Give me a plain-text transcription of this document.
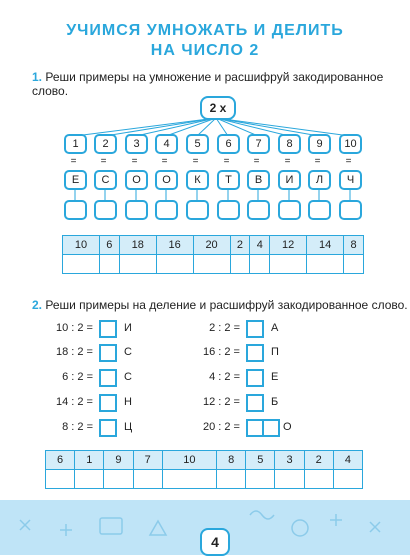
УЧИМСЯ УМНОЖАТЬ И ДЕЛИТЬ
НА ЧИСЛО 2
1. Реши примеры на умножение и расшифруй закодированное слово.
2 х
1	2	3	4	5	6	7	8	9	10
=	=	=	=	=	=	=	=	=	=
Е	С	О	О	К	Т	В	И	Л	Ч
10	6	18	16	20	2	4	12	14	8

2. Реши примеры на деление и расшифруй закодированное слово.
10 : 2 =	И
18 : 2 =	С
6 : 2 =	С
14 : 2 =	Н
8 : 2 =	Ц
2 : 2 =	А
16 : 2 =	П
4 : 2 =	Е
12 : 2 =	Б
20 : 2 =	О
6	1	9	7	10	8	5	3	2	4

4
